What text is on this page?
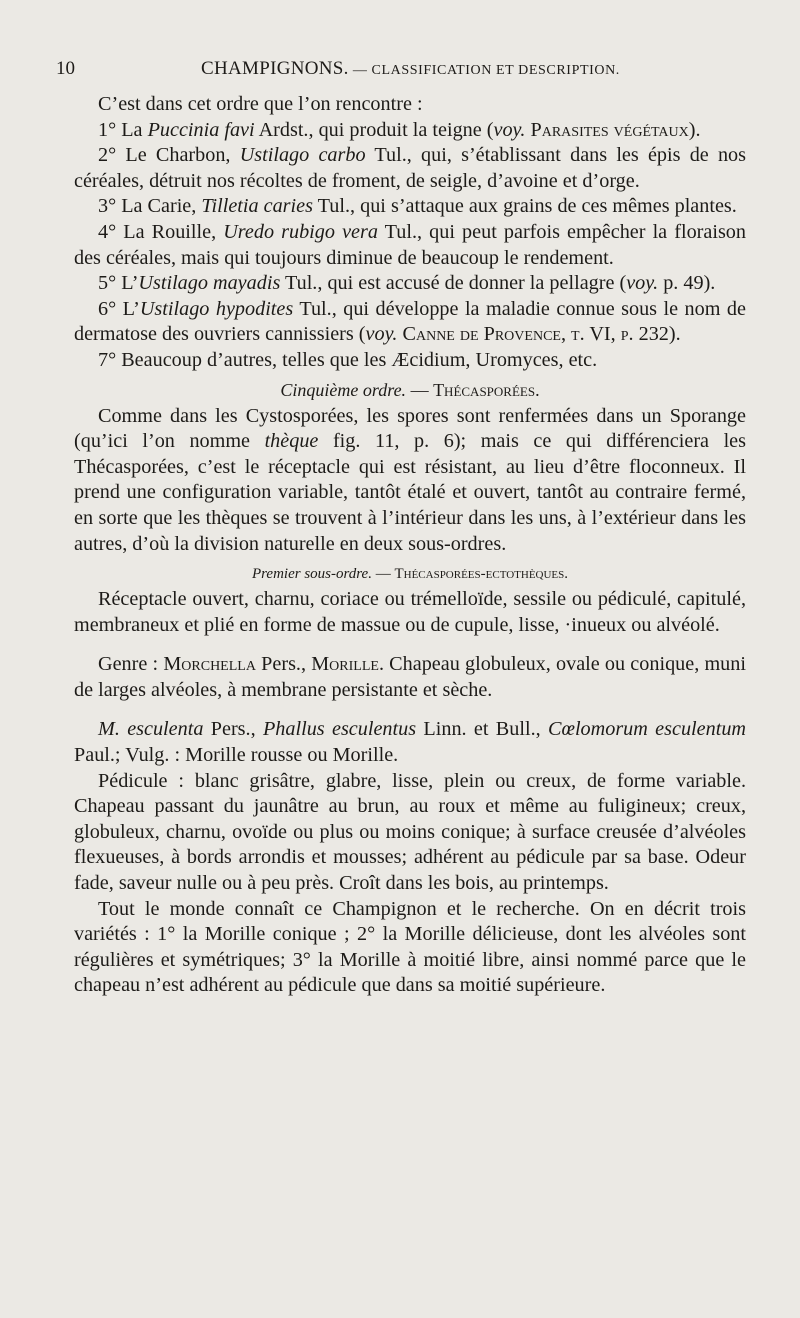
10	CHAMPIGNONS. — CLASSIFICATION ET DESCRIPTION.

C’est dans cet ordre que l’on rencontre :

1° La Puccinia favi Ardst., qui produit la teigne (voy. Parasites végétaux).

2° Le Charbon, Ustilago carbo Tul., qui, s’établissant dans les épis de nos céréales, détruit nos récoltes de froment, de seigle, d’avoine et d’orge.

3° La Carie, Tilletia caries Tul., qui s’attaque aux grains de ces mêmes plantes.

4° La Rouille, Uredo rubigo vera Tul., qui peut parfois empêcher la floraison des céréales, mais qui toujours diminue de beaucoup le rendement.

5° L’Ustilago mayadis Tul., qui est accusé de donner la pellagre (voy. p. 49).

6° L’Ustilago hypodites Tul., qui développe la maladie connue sous le nom de dermatose des ouvriers cannissiers (voy. Canne de Provence, t. VI, p. 232).

7° Beaucoup d’autres, telles que les Æcidium, Uromyces, etc.

Cinquième ordre. — Thécasporées.

Comme dans les Cystosporées, les spores sont renfermées dans un Sporange (qu’ici l’on nomme thèque fig. 11, p. 6); mais ce qui différenciera les Thécasporées, c’est le réceptacle qui est résistant, au lieu d’être floconneux. Il prend une configuration variable, tantôt étalé et ouvert, tantôt au contraire fermé, en sorte que les thèques se trouvent à l’intérieur dans les uns, à l’extérieur dans les autres, d’où la division naturelle en deux sous-ordres.

Premier sous-ordre. — Thécasporées-ectothèques.

Réceptacle ouvert, charnu, coriace ou trémelloïde, sessile ou pédiculé, capitulé, membraneux et plié en forme de massue ou de cupule, lisse, ·inueux ou alvéolé.

Genre : Morchella Pers., Morille. Chapeau globuleux, ovale ou conique, muni de larges alvéoles, à membrane persistante et sèche.

M. esculenta Pers., Phallus esculentus Linn. et Bull., Cœlomorum esculentum Paul.; Vulg. : Morille rousse ou Morille.

Pédicule : blanc grisâtre, glabre, lisse, plein ou creux, de forme variable. Chapeau passant du jaunâtre au brun, au roux et même au fuligineux; creux, globuleux, charnu, ovoïde ou plus ou moins conique; à surface creusée d’alvéoles flexueuses, à bords arrondis et mousses; adhérent au pédicule par sa base. Odeur fade, saveur nulle ou à peu près. Croît dans les bois, au printemps.

Tout le monde connaît ce Champignon et le recherche. On en décrit trois variétés : 1° la Morille conique ; 2° la Morille délicieuse, dont les alvéoles sont régulières et symétriques; 3° la Morille à moitié libre, ainsi nommé parce que le chapeau n’est adhérent au pédicule que dans sa moitié supérieure.
